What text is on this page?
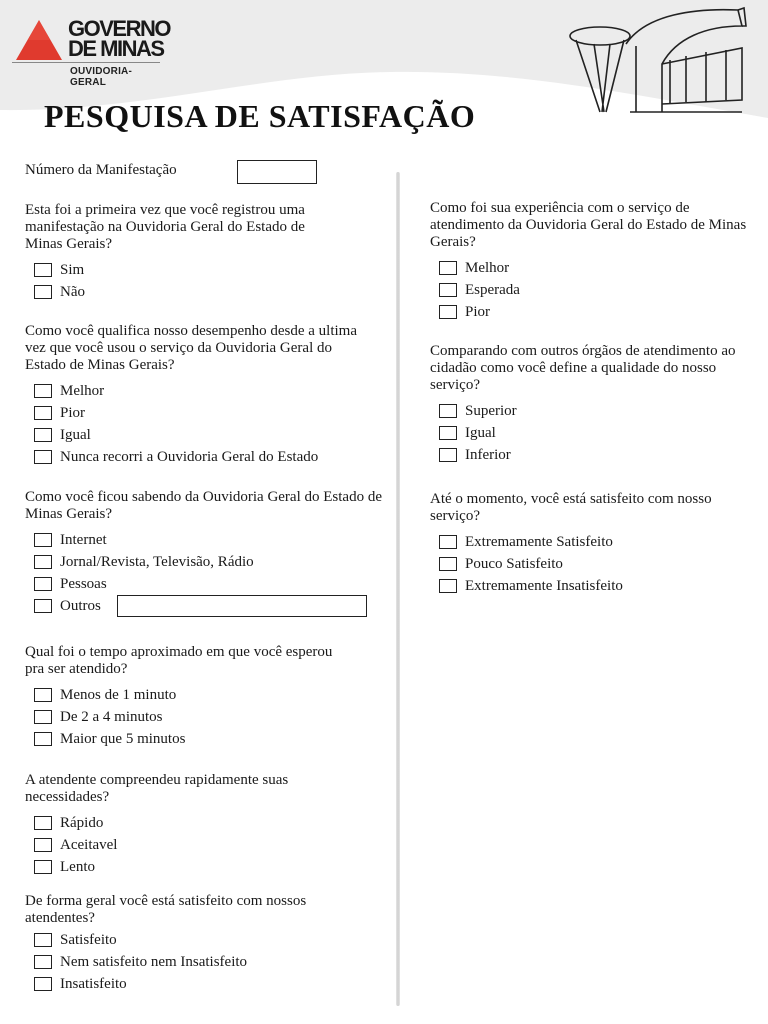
GOVERNO
DE MINAS
OUVIDORIA-GERAL
PESQUISA DE SATISFAÇÃO
Número da Manifestação

Esta foi a primeira vez que você registrou uma manifestação na Ouvidoria Geral do Estado de Minas Gerais?

Sim
Não

Como você qualifica nosso desempenho desde a ultima vez que você usou o serviço da Ouvidoria Geral do Estado de Minas Gerais?

Melhor
Pior
Igual
Nunca recorri a Ouvidoria Geral do Estado

Como você ficou sabendo da Ouvidoria Geral do Estado de Minas Gerais?

Internet
Jornal/Revista, Televisão, Rádio
Pessoas
Outros

Qual foi o tempo aproximado em que você esperou pra ser atendido?

Menos de 1 minuto
De 2 a 4 minutos
Maior que 5 minutos

A atendente compreendeu rapidamente suas necessidades?

Rápido
Aceitavel
Lento

De forma geral você está satisfeito com nossos atendentes?

Satisfeito
Nem satisfeito nem Insatisfeito
Insatisfeito

Como foi sua experiência com o serviço de atendimento da Ouvidoria Geral do Estado de Minas Gerais?

Melhor
Esperada
Pior

Comparando com outros órgãos de atendimento ao cidadão como você define a qualidade do nosso serviço?

Superior
Igual
Inferior

Até o momento, você está satisfeito com nosso serviço?

Extremamente Satisfeito
Pouco Satisfeito
Extremamente Insatisfeito
